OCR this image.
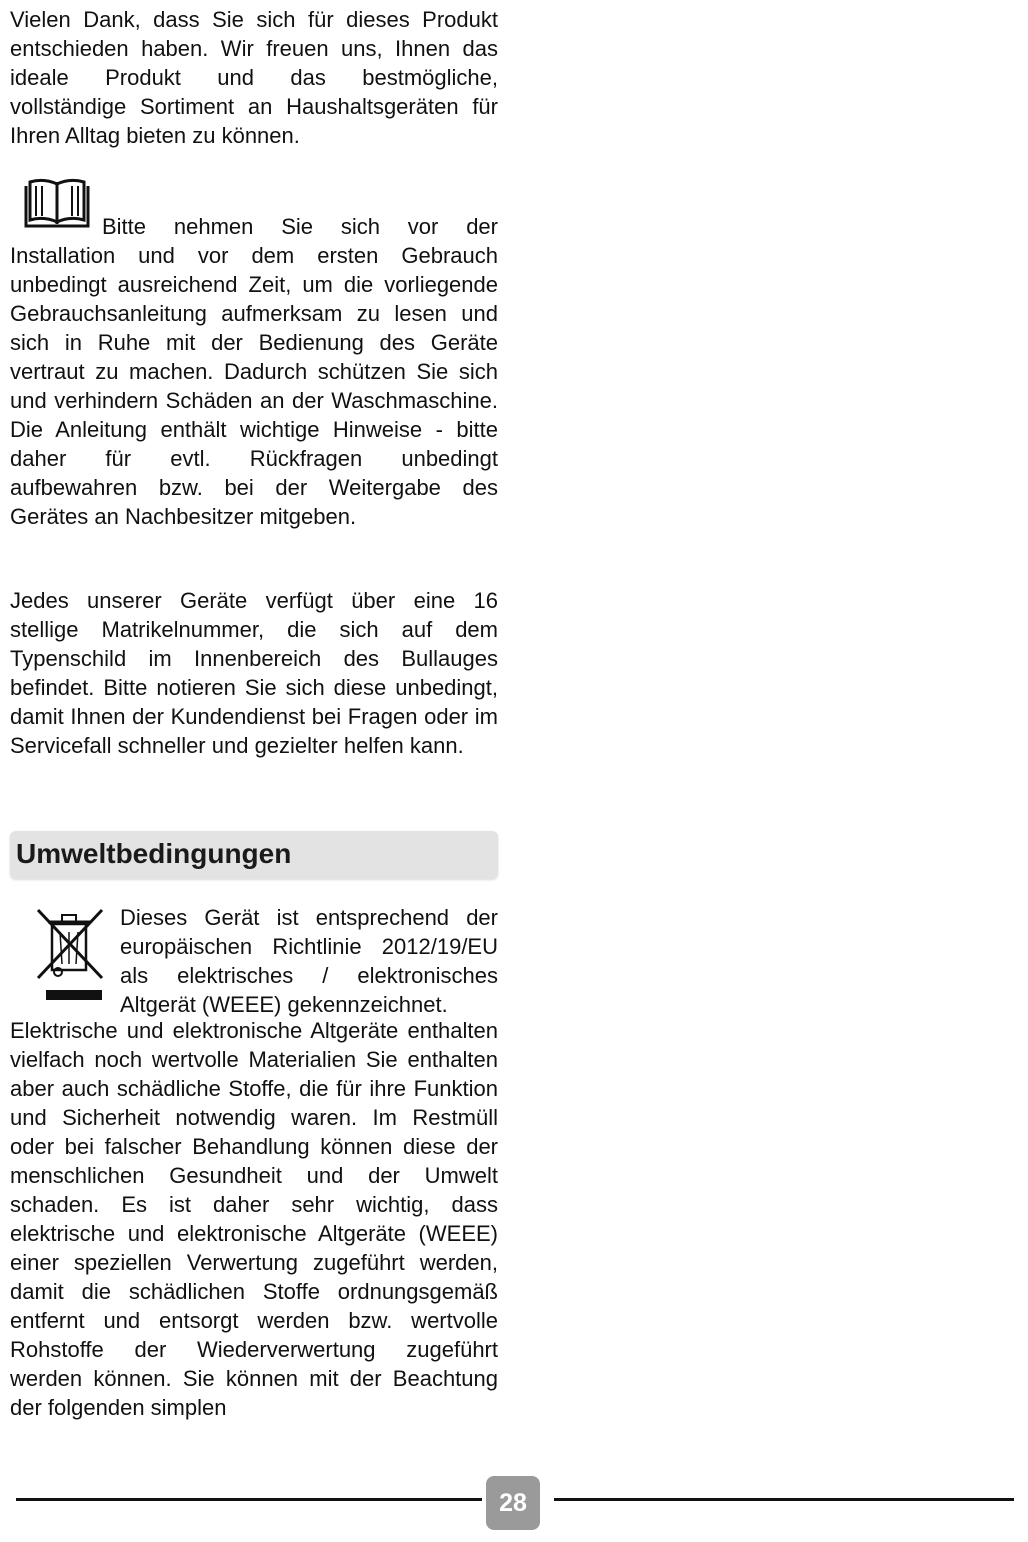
Vielen Dank, dass Sie sich für dieses Produkt entschieden haben. Wir freuen uns, Ihnen das ideale Produkt und das bestmögliche, vollständige Sortiment an Haushaltsgeräten für Ihren Alltag bieten zu können.

Bitte nehmen Sie sich vor der Installation und vor dem ersten Gebrauch unbedingt ausreichend Zeit, um die vorliegende Gebrauchsanleitung aufmerksam zu lesen und sich in Ruhe mit der Bedienung des Geräte vertraut zu machen. Dadurch schützen Sie sich und verhindern Schäden an der Waschmaschine. Die Anleitung enthält wichtige Hinweise - bitte daher für evtl. Rückfragen unbedingt aufbewahren bzw. bei der Weitergabe des Gerätes an Nachbesitzer mitgeben.

Jedes unserer Geräte verfügt über eine 16 stellige Matrikelnummer, die sich auf dem Typenschild im Innenbereich des Bullauges befindet. Bitte notieren Sie sich diese unbedingt, damit Ihnen der Kundendienst bei Fragen oder im Servicefall schneller und gezielter helfen kann.

Umweltbedingungen

Dieses Gerät ist entsprechend der europäischen Richtlinie 2012/19/EU als elektrisches / elektronisches Altgerät (WEEE) gekennzeichnet.

Elektrische und elektronische Altgeräte enthalten vielfach noch wertvolle Materialien Sie enthalten aber auch schädliche Stoffe, die für ihre Funktion und Sicherheit notwendig waren. Im Restmüll oder bei falscher Behandlung können diese der menschlichen Gesundheit und der Umwelt schaden. Es ist daher sehr wichtig, dass elektrische und elektronische Altgeräte (WEEE) einer speziellen Verwertung zugeführt werden, damit die schädlichen Stoffe ordnungsgemäß entfernt und entsorgt werden bzw. wertvolle Rohstoffe der Wiederverwertung zugeführt werden können. Sie können mit der Beachtung der folgenden simplen

28
